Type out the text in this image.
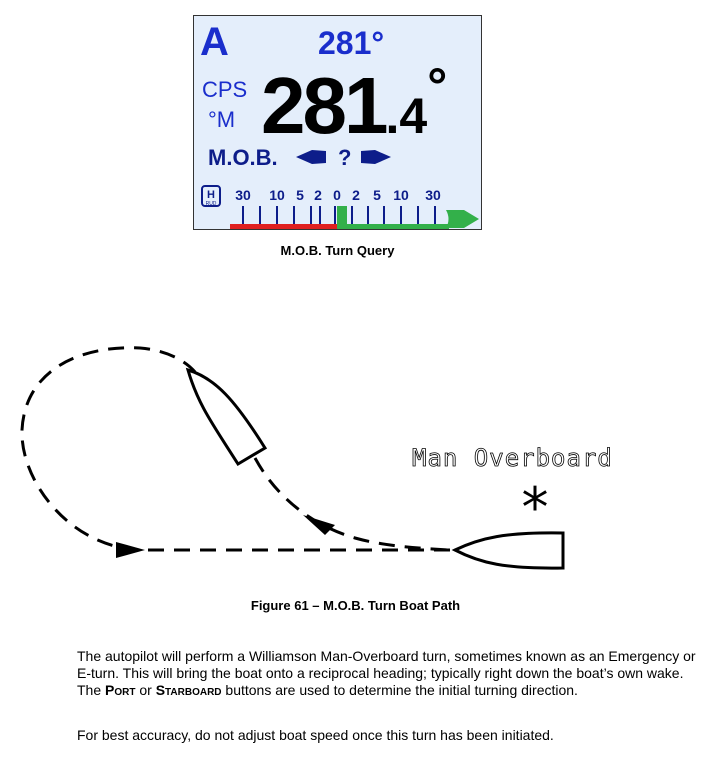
A	281°
CPS
°M 281.4°
M.O.B.	?
H
RUD
30	10 5 2 0 2 5 10	30
M.O.B. Turn Query
Man Overboard
*
Figure 61 – M.O.B. Turn Boat Path
The autopilot will perform a Williamson Man-Overboard turn, sometimes known as an Emergency or E-turn. This will bring the boat onto a reciprocal heading; typically right down the boat’s own wake. The Port or Starboard buttons are used to determine the initial turning direction.
For best accuracy, do not adjust boat speed once this turn has been initiated.
